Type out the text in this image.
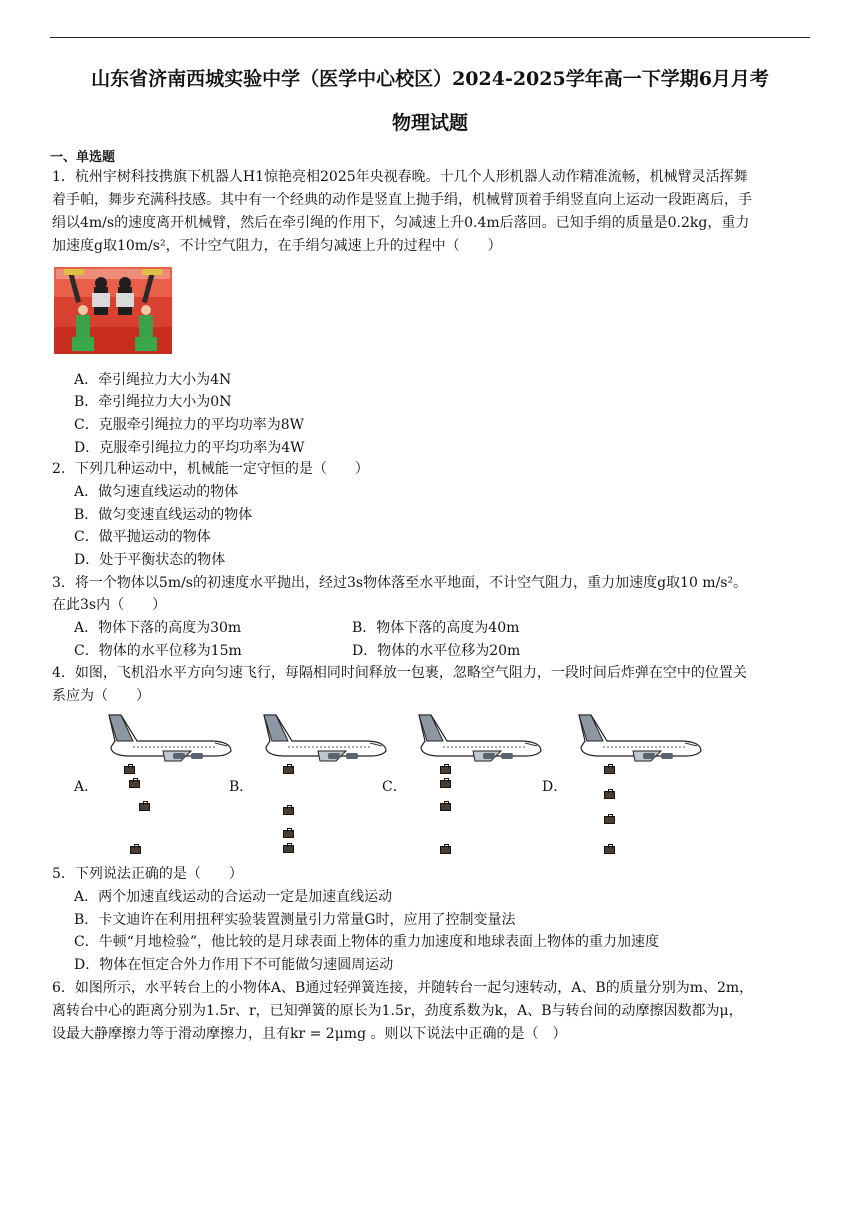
山东省济南西城实验中学（医学中心校区）2024-2025学年高一下学期6月月考
物理试题
一、单选题
1．杭州宇树科技携旗下机器人H1惊艳亮相2025年央视春晚。十几个人形机器人动作精准流畅，机械臂灵活挥舞
着手帕，舞步充满科技感。其中有一个经典的动作是竖直上抛手绢，机械臂顶着手绢竖直向上运动一段距离后，手
绢以4m/s的速度离开机械臂，然后在牵引绳的作用下，匀减速上升0.4m后落回。已知手绢的质量是0.2kg，重力
加速度g取10m/s²，不计空气阻力，在手绢匀减速上升的过程中（　　）
A．牵引绳拉力大小为4N
B．牵引绳拉力大小为0N
C．克服牵引绳拉力的平均功率为8W
D．克服牵引绳拉力的平均功率为4W
2．下列几种运动中，机械能一定守恒的是（　　）
A．做匀速直线运动的物体
B．做匀变速直线运动的物体
C．做平抛运动的物体
D．处于平衡状态的物体
3．将一个物体以5m/s的初速度水平抛出，经过3s物体落至水平地面，不计空气阻力，重力加速度g取10 m/s²。
在此3s内（　　）
A．物体下落的高度为30m	B．物体下落的高度为40m
C．物体的水平位移为15m	D．物体的水平位移为20m
4．如图，飞机沿水平方向匀速飞行，每隔相同时间释放一包裹，忽略空气阻力，一段时间后炸弹在空中的位置关
系应为（　　）
A．	B．	C．	D．
5．下列说法正确的是（　　）
A．两个加速直线运动的合运动一定是加速直线运动
B．卡文迪许在利用扭秤实验装置测量引力常量G时，应用了控制变量法
C．牛顿“月地检验”，他比较的是月球表面上物体的重力加速度和地球表面上物体的重力加速度
D．物体在恒定合外力作用下不可能做匀速圆周运动
6．如图所示，水平转台上的小物体A、B通过轻弹簧连接，并随转台一起匀速转动，A、B的质量分别为m、2m，
离转台中心的距离分别为1.5r、r，已知弹簧的原长为1.5r，劲度系数为k，A、B与转台间的动摩擦因数都为μ，
设最大静摩擦力等于滑动摩擦力，且有kr = 2μmg 。则以下说法中正确的是（　）
